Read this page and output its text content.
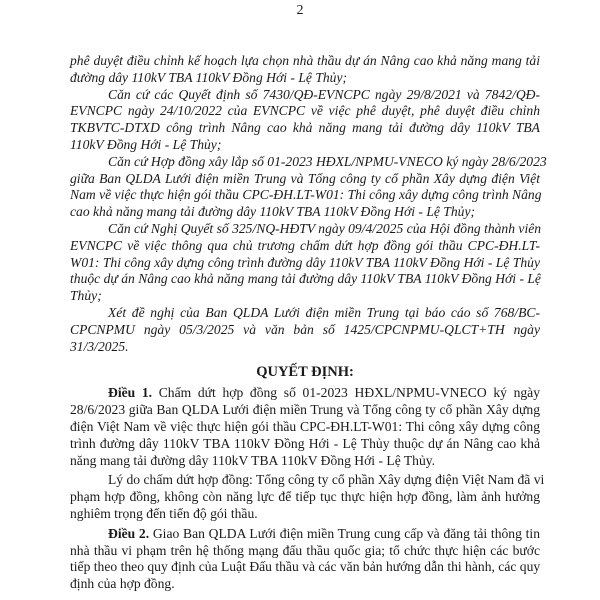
2
phê duyệt điều chỉnh kế hoạch lựa chọn nhà thầu dự án Nâng cao khả năng mang tải
đường dây 110kV TBA 110kV Đồng Hới - Lệ Thủy;
Căn cứ các Quyết định số 7430/QĐ-EVNCPC ngày 29/8/2021 và 7842/QĐ-
EVNCPC ngày 24/10/2022 của EVNCPC về việc phê duyệt, phê duyệt điều chỉnh
TKBVTC-DTXD công trình Nâng cao khả năng mang tải đường dây 110kV TBA
110kV Đồng Hới - Lệ Thủy;
Căn cứ Hợp đồng xây lắp số 01-2023 HĐXL/NPMU-VNECO ký ngày 28/6/2023
giữa Ban QLDA Lưới điện miền Trung và Tổng công ty cổ phần Xây dựng điện Việt
Nam về việc thực hiện gói thầu CPC-ĐH.LT-W01: Thi công xây dựng công trình Nâng
cao khả năng mang tải đường dây 110kV TBA 110kV Đồng Hới - Lệ Thủy;
Căn cứ Nghị Quyết số 325/NQ-HĐTV ngày 09/4/2025 của Hội đồng thành viên
EVNCPC về việc thông qua chủ trương chấm dứt hợp đồng gói thầu CPC-ĐH.LT-
W01: Thi công xây dựng công trình đường dây 110kV TBA 110kV Đồng Hới - Lệ Thủy
thuộc dự án Nâng cao khả năng mang tải đường dây 110kV TBA 110kV Đồng Hới - Lệ
Thủy;
Xét đề nghị của Ban QLDA Lưới điện miền Trung tại báo cáo số 768/BC-
CPCNPMU ngày 05/3/2025 và văn bản số 1425/CPCNPMU-QLCT+TH ngày
31/3/2025.
QUYẾT ĐỊNH:
Điều 1. Chấm dứt hợp đồng số 01-2023 HĐXL/NPMU-VNECO ký ngày
28/6/2023 giữa Ban QLDA Lưới điện miền Trung và Tổng công ty cổ phần Xây dựng
điện Việt Nam về việc thực hiện gói thầu CPC-ĐH.LT-W01: Thi công xây dựng công
trình đường dây 110kV TBA 110kV Đồng Hới - Lệ Thủy thuộc dự án Nâng cao khả
năng mang tải đường dây 110kV TBA 110kV Đồng Hới - Lệ Thủy.
Lý do chấm dứt hợp đồng: Tổng công ty cổ phần Xây dựng điện Việt Nam đã vi
phạm hợp đồng, không còn năng lực để tiếp tục thực hiện hợp đồng, làm ảnh hưởng
nghiêm trọng đến tiến độ gói thầu.
Điều 2. Giao Ban QLDA Lưới điện miền Trung cung cấp và đăng tải thông tin
nhà thầu vi phạm trên hệ thống mạng đấu thầu quốc gia; tổ chức thực hiện các bước
tiếp theo theo quy định của Luật Đấu thầu và các văn bản hướng dẫn thi hành, các quy
định của hợp đồng.
